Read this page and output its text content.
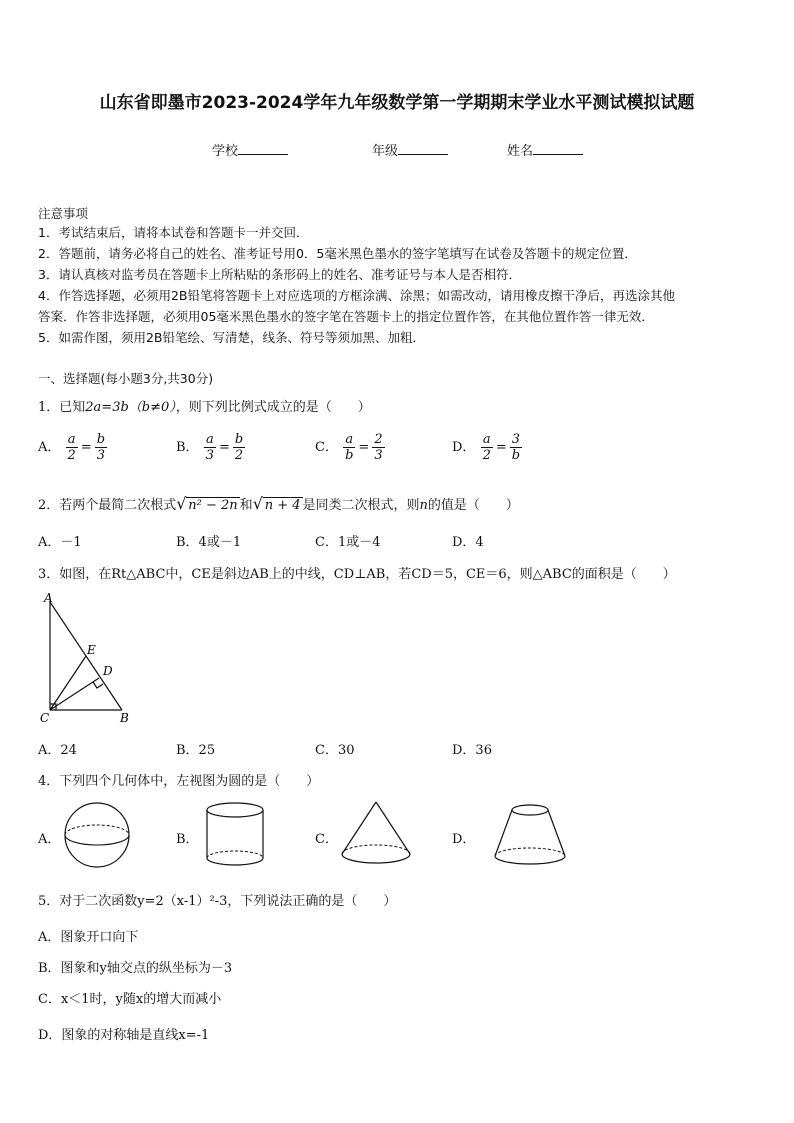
山东省即墨市2023-2024学年九年级数学第一学期期末学业水平测试模拟试题
学校	年级	姓名
注意事项
1．考试结束后，请将本试卷和答题卡一并交回．
2．答题前，请务必将自己的姓名、准考证号用0．5毫米黑色墨水的签字笔填写在试卷及答题卡的规定位置．
3．请认真核对监考员在答题卡上所粘贴的条形码上的姓名、准考证号与本人是否相符．
4．作答选择题，必须用2B铅笔将答题卡上对应选项的方框涂满、涂黑；如需改动，请用橡皮擦干净后，再选涂其他
答案．作答非选择题，必须用05毫米黑色墨水的签字笔在答题卡上的指定位置作答，在其他位置作答一律无效．
5．如需作图，须用2B铅笔绘、写清楚，线条、符号等须加黑、加粗．
一、选择题(每小题3分,共30分)
1．已知2a=3b（b≠0），则下列比例式成立的是（　　）
A． $\frac{a}{2} = \frac{b}{3}$	B． $\frac{a}{3} = \frac{b}{2}$	C． $\frac{a}{b} = \frac{2}{3}$	D． $\frac{a}{2} = \frac{3}{b}$
2．若两个最简二次根式 √ n² − 2n 和 √ n + 4 是同类二次根式，则n的值是（　　）
A．－1	B．4或－1	C．1或－4	D．4
3．如图，在Rt△ABC中，CE是斜边AB上的中线，CD⊥AB，若CD＝5，CE＝6，则△ABC的面积是（　　）
A
E
D
C	B
A．24	B．25	C．30	D．36
4．下列四个几何体中，左视图为圆的是（　　）
A．	B．	C．	D．
5．对于二次函数y=2（x-1）²-3，下列说法正确的是（　　）
A．图象开口向下
B．图象和y轴交点的纵坐标为－3
C．x＜1时，y随x的增大而减小
D．图象的对称轴是直线x=-1
